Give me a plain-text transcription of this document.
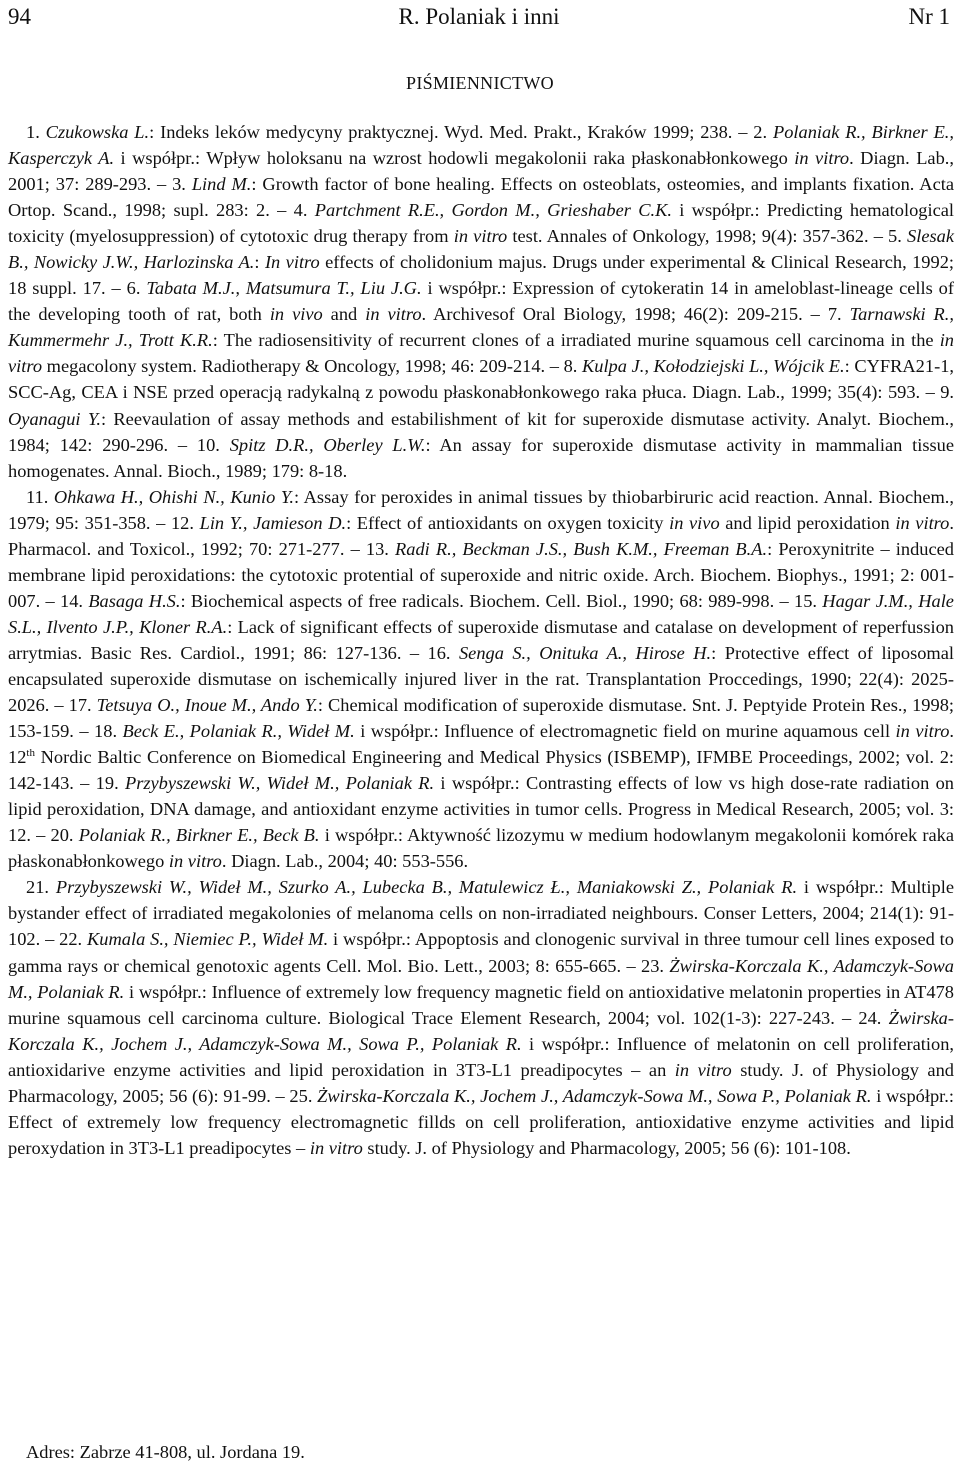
94	R. Polaniak i inni	Nr 1
PIŚMIENNICTWO

1. Czukowska L.: Indeks leków medycyny praktycznej. Wyd. Med. Prakt., Kraków 1999; 238. – 2. Polaniak R., Birkner E., Kasperczyk A. i współpr.: Wpływ holoksanu na wzrost hodowli megakolonii raka płaskonabłonkowego in vitro. Diagn. Lab., 2001; 37: 289-293. – 3. Lind M.: Growth factor of bone healing. Effects on osteoblats, osteomies, and implants fixation. Acta Ortop. Scand., 1998; supl. 283: 2. – 4. Partchment R.E., Gordon M., Grieshaber C.K. i współpr.: Predicting hematological toxicity (myelosuppression) of cytotoxic drug therapy from in vitro test. Annales of Onkology, 1998; 9(4): 357-362. – 5. Slesak B., Nowicky J.W., Harlozinska A.: In vitro effects of cholidonium majus. Drugs under experimental & Clinical Research, 1992; 18 suppl. 17. – 6. Tabata M.J., Matsumura T., Liu J.G. i współpr.: Expression of cytokeratin 14 in ameloblast-lineage cells of the developing tooth of rat, both in vivo and in vitro. Archivesof Oral Biology, 1998; 46(2): 209-215. – 7. Tarnawski R., Kummermehr J., Trott K.R.: The radiosensitivity of recurrent clones of a irradiated murine squamous cell carcinoma in the in vitro megacolony system. Radiotherapy & Oncology, 1998; 46: 209-214. – 8. Kulpa J., Kołodziejski L., Wójcik E.: CYFRA21-1, SCC-Ag, CEA i NSE przed operacją radykalną z powodu płaskonabłonkowego raka płuca. Diagn. Lab., 1999; 35(4): 593. – 9. Oyanagui Y.: Reevaulation of assay methods and estabilishment of kit for superoxide dismutase activity. Analyt. Biochem., 1984; 142: 290-296. – 10. Spitz D.R., Oberley L.W.: An assay for superoxide dismutase activity in mammalian tissue homogenates. Annal. Bioch., 1989; 179: 8-18.

11. Ohkawa H., Ohishi N., Kunio Y.: Assay for peroxides in animal tissues by thiobarbiruric acid reaction. Annal. Biochem., 1979; 95: 351-358. – 12. Lin Y., Jamieson D.: Effect of antioxidants on oxygen toxicity in vivo and lipid peroxidation in vitro. Pharmacol. and Toxicol., 1992; 70: 271-277. – 13. Radi R., Beckman J.S., Bush K.M., Freeman B.A.: Peroxynitrite – induced membrane lipid peroxidations: the cytotoxic protential of superoxide and nitric oxide. Arch. Biochem. Biophys., 1991; 2: 001-007. – 14. Basaga H.S.: Biochemical aspects of free radicals. Biochem. Cell. Biol., 1990; 68: 989-998. – 15. Hagar J.M., Hale S.L., Ilvento J.P., Kloner R.A.: Lack of significant effects of superoxide dismutase and catalase on development of reperfussion arrytmias. Basic Res. Cardiol., 1991; 86: 127-136. – 16. Senga S., Onituka A., Hirose H.: Protective effect of liposomal encapsulated superoxide dismutase on ischemically injured liver in the rat. Transplantation Proccedings, 1990; 22(4): 2025-2026. – 17. Tetsuya O., Inoue M., Ando Y.: Chemical modification of superoxide dismutase. Snt. J. Peptyide Protein Res., 1998; 153-159. – 18. Beck E., Polaniak R., Wideł M. i współpr.: Influence of electromagnetic field on murine aquamous cell in vitro. 12th Nordic Baltic Conference on Biomedical Engineering and Medical Physics (ISBEMP), IFMBE Proceedings, 2002; vol. 2: 142-143. – 19. Przybyszewski W., Wideł M., Polaniak R. i współpr.: Contrasting effects of low vs high dose-rate radiation on lipid peroxidation, DNA damage, and antioxidant enzyme activities in tumor cells. Progress in Medical Research, 2005; vol. 3: 12. – 20. Polaniak R., Birkner E., Beck B. i współpr.: Aktywność lizozymu w medium hodowlanym megakolonii komórek raka płaskonabłonkowego in vitro. Diagn. Lab., 2004; 40: 553-556.

21. Przybyszewski W., Wideł M., Szurko A., Lubecka B., Matulewicz Ł., Maniakowski Z., Polaniak R. i współpr.: Multiple bystander effect of irradiated megakolonies of melanoma cells on non-irradiated neighbours. Conser Letters, 2004; 214(1): 91-102. – 22. Kumala S., Niemiec P., Wideł M. i współpr.: Appoptosis and clonogenic survival in three tumour cell lines exposed to gamma rays or chemical genotoxic agents Cell. Mol. Bio. Lett., 2003; 8: 655-665. – 23. Żwirska-Korczala K., Adamczyk-Sowa M., Polaniak R. i współpr.: Influence of extremely low frequency magnetic field on antioxidative melatonin properties in AT478 murine squamous cell carcinoma culture. Biological Trace Element Research, 2004; vol. 102(1-3): 227-243. – 24. Żwirska-Korczala K., Jochem J., Adamczyk-Sowa M., Sowa P., Polaniak R. i współpr.: Influence of melatonin on cell proliferation, antioxidarive enzyme activities and lipid peroxidation in 3T3-L1 preadipocytes – an in vitro study. J. of Physiology and Pharmacology, 2005; 56 (6): 91-99. – 25. Żwirska-Korczala K., Jochem J., Adamczyk-Sowa M., Sowa P., Polaniak R. i współpr.: Effect of extremely low frequency electromagnetic fillds on cell proliferation, antioxidative enzyme activities and lipid peroxydation in 3T3-L1 preadipocytes – in vitro study. J. of Physiology and Pharmacology, 2005; 56 (6): 101-108.

Adres: Zabrze 41-808, ul. Jordana 19.
